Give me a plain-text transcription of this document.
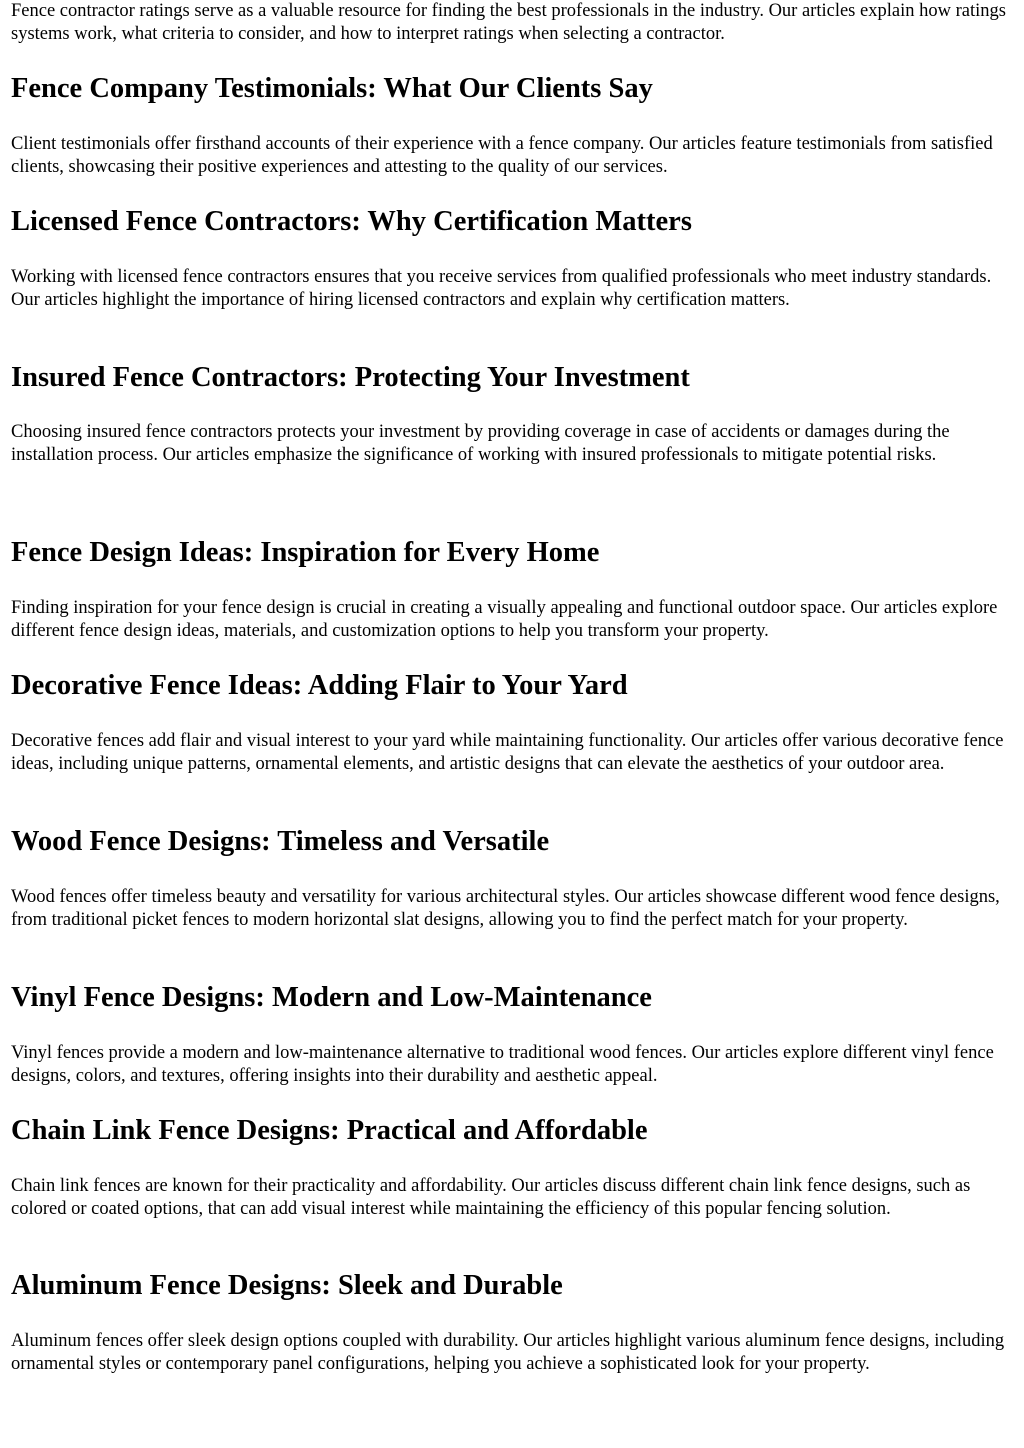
Fence contractor ratings serve as a valuable resource for finding the best professionals in the industry. Our articles explain how ratings systems work, what criteria to consider, and how to interpret ratings when selecting a contractor.

Fence Company Testimonials: What Our Clients Say

Client testimonials offer firsthand accounts of their experience with a fence company. Our articles feature testimonials from satisfied clients, showcasing their positive experiences and attesting to the quality of our services.

Licensed Fence Contractors: Why Certification Matters

Working with licensed fence contractors ensures that you receive services from qualified professionals who meet industry standards. Our articles highlight the importance of hiring licensed contractors and explain why certification matters.

Insured Fence Contractors: Protecting Your Investment

Choosing insured fence contractors protects your investment by providing coverage in case of accidents or damages during the installation process. Our articles emphasize the significance of working with insured professionals to mitigate potential risks.

Fence Design Ideas: Inspiration for Every Home

Finding inspiration for your fence design is crucial in creating a visually appealing and functional outdoor space. Our articles explore different fence design ideas, materials, and customization options to help you transform your property.

Decorative Fence Ideas: Adding Flair to Your Yard

Decorative fences add flair and visual interest to your yard while maintaining functionality. Our articles offer various decorative fence ideas, including unique patterns, ornamental elements, and artistic designs that can elevate the aesthetics of your outdoor area.

Wood Fence Designs: Timeless and Versatile

Wood fences offer timeless beauty and versatility for various architectural styles. Our articles showcase different wood fence designs, from traditional picket fences to modern horizontal slat designs, allowing you to find the perfect match for your property.

Vinyl Fence Designs: Modern and Low-Maintenance

Vinyl fences provide a modern and low-maintenance alternative to traditional wood fences. Our articles explore different vinyl fence designs, colors, and textures, offering insights into their durability and aesthetic appeal.

Chain Link Fence Designs: Practical and Affordable

Chain link fences are known for their practicality and affordability. Our articles discuss different chain link fence designs, such as colored or coated options, that can add visual interest while maintaining the efficiency of this popular fencing solution.

Aluminum Fence Designs: Sleek and Durable

Aluminum fences offer sleek design options coupled with durability. Our articles highlight various aluminum fence designs, including ornamental styles or contemporary panel configurations, helping you achieve a sophisticated look for your property.
